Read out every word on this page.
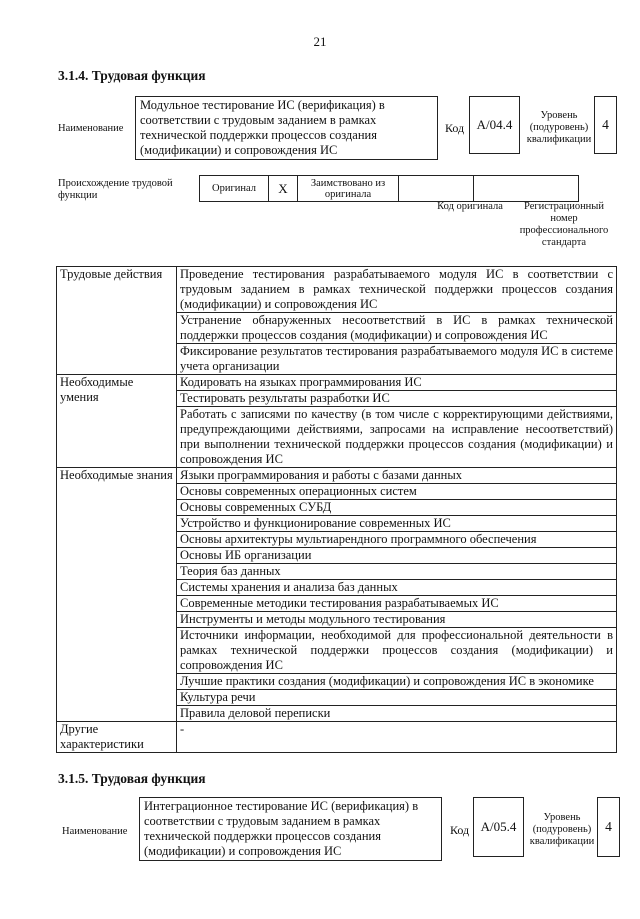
21
3.1.4. Трудовая функция
Наименование
Модульное тестирование ИС (верификация) в соответствии с трудовым заданием в рамках технической поддержки процессов создания (модификации) и сопровождения ИС
Код A/04.4
Уровень (подуровень) квалификации
4
Происхождение трудовой функции
Оригинал	X	Заимствовано из оригинала		
Код оригинала	Регистрационный номер профессионального стандарта
Трудовые действия	Проведение тестирования разрабатываемого модуля ИС в соответствии с трудовым заданием в рамках технической поддержки процессов создания (модификации) и сопровождения ИС
	Устранение обнаруженных несоответствий в ИС в рамках технической поддержки процессов создания (модификации) и сопровождения ИС
	Фиксирование результатов тестирования разрабатываемого модуля ИС в системе учета организации
Необходимые умения	Кодировать на языках программирования ИС
	Тестировать результаты разработки ИС
	Работать с записями по качеству (в том числе с корректирующими действиями, предупреждающими действиями, запросами на исправление несоответствий) при выполнении технической поддержки процессов создания (модификации) и сопровождения ИС
Необходимые знания	Языки программирования и работы с базами данных
	Основы современных операционных систем
	Основы современных СУБД
	Устройство и функционирование современных ИС
	Основы архитектуры мультиарендного программного обеспечения
	Основы ИБ организации
	Теория баз данных
	Системы хранения и анализа баз данных
	Современные методики тестирования разрабатываемых ИС
	Инструменты и методы модульного тестирования
	Источники информации, необходимой для профессиональной деятельности в рамках технической поддержки процессов создания (модификации) и сопровождения ИС
	Лучшие практики создания (модификации) и сопровождения ИС в экономике
	Культура речи
	Правила деловой переписки
Другие характеристики	-
3.1.5. Трудовая функция
Наименование
Интеграционное тестирование ИС (верификация) в соответствии с трудовым заданием в рамках технической поддержки процессов создания (модификации) и сопровождения ИС
Код A/05.4
Уровень (подуровень) квалификации
4
